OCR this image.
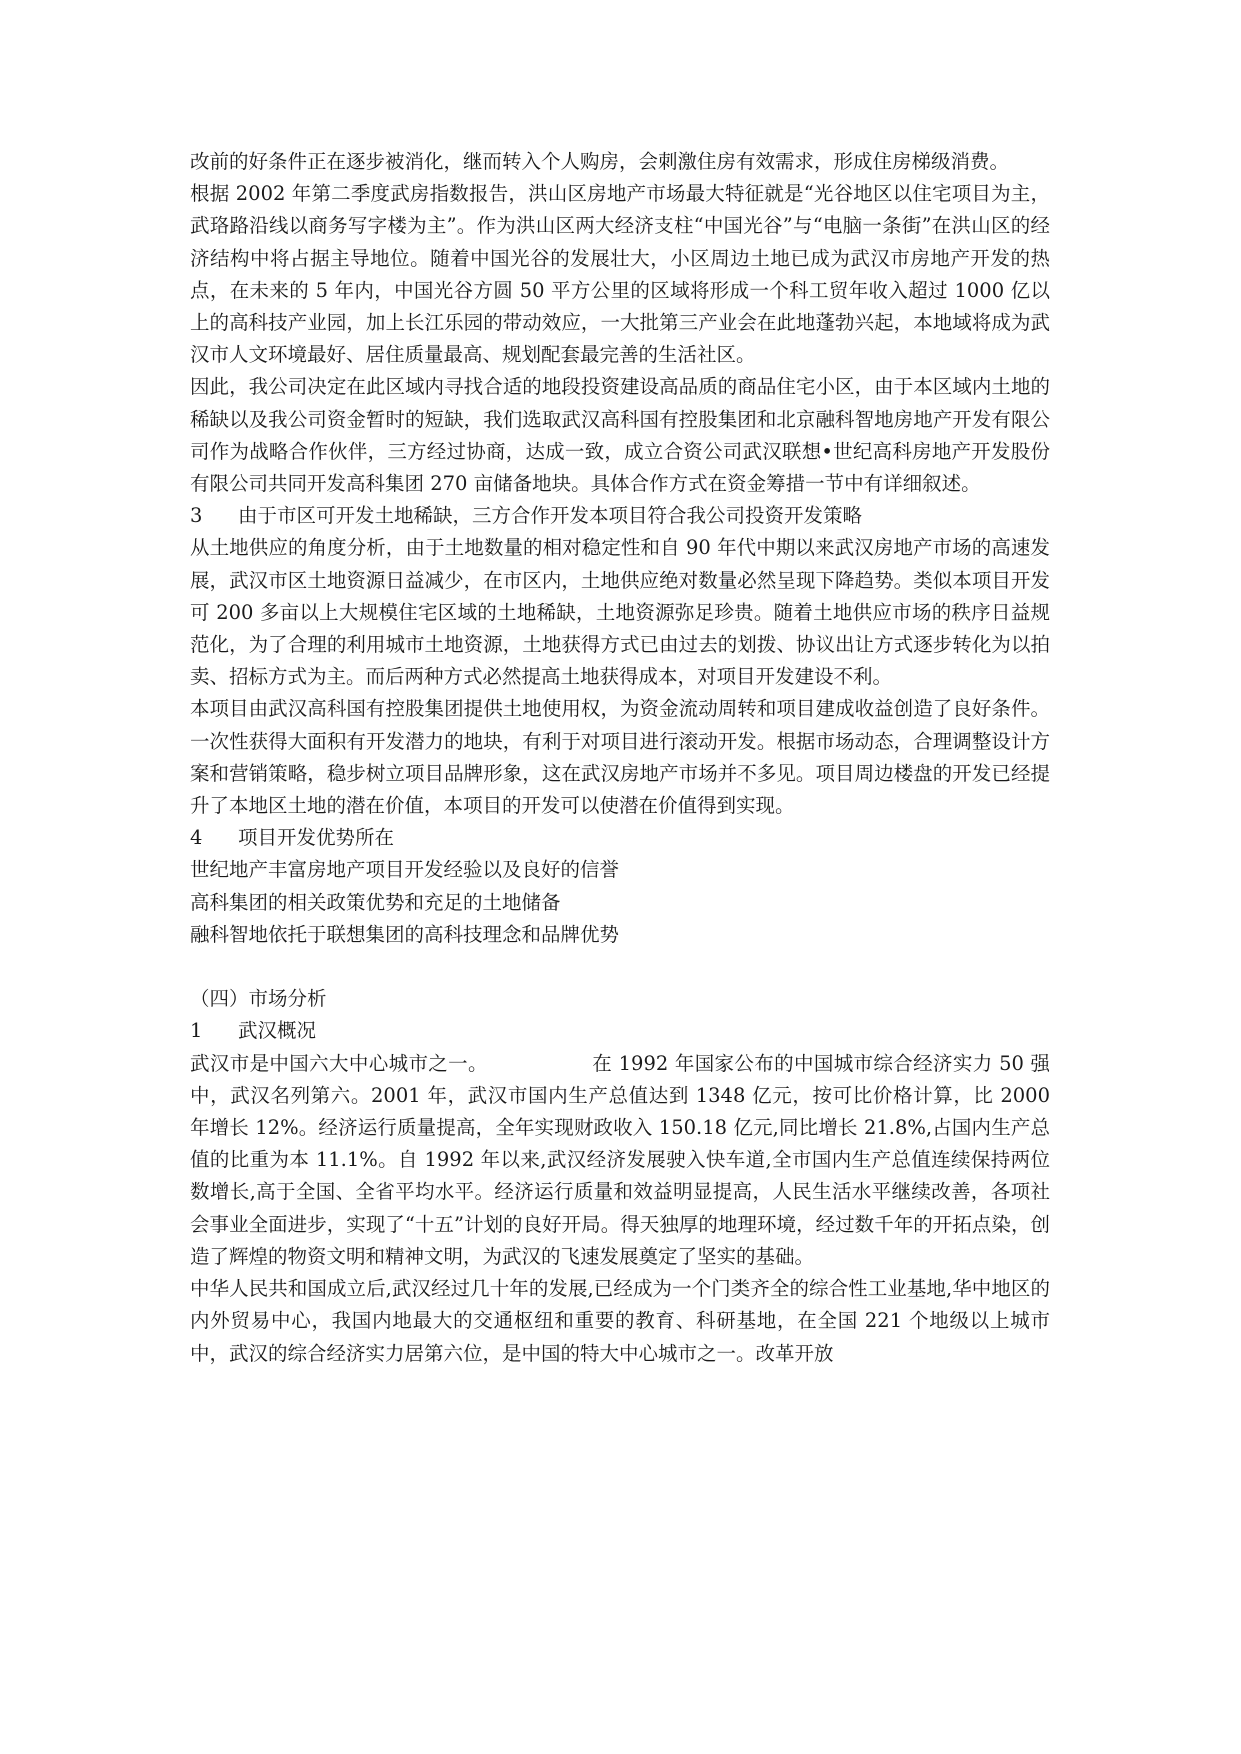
改前的好条件正在逐步被消化，继而转入个人购房，会刺激住房有效需求，形成住房梯级消费。

根据 2002 年第二季度武房指数报告，洪山区房地产市场最大特征就是“光谷地区以住宅项目为主，武珞路沿线以商务写字楼为主”。作为洪山区两大经济支柱“中国光谷”与“电脑一条街”在洪山区的经济结构中将占据主导地位。随着中国光谷的发展壮大，小区周边土地已成为武汉市房地产开发的热点，在未来的 5 年内，中国光谷方圆 50 平方公里的区域将形成一个科工贸年收入超过 1000 亿以上的高科技产业园，加上长江乐园的带动效应，一大批第三产业会在此地蓬勃兴起，本地域将成为武汉市人文环境最好、居住质量最高、规划配套最完善的生活社区。

因此，我公司决定在此区域内寻找合适的地段投资建设高品质的商品住宅小区，由于本区域内土地的稀缺以及我公司资金暂时的短缺，我们选取武汉高科国有控股集团和北京融科智地房地产开发有限公司作为战略合作伙伴，三方经过协商，达成一致，成立合资公司武汉联想•世纪高科房地产开发股份有限公司共同开发高科集团 270 亩储备地块。具体合作方式在资金筹措一节中有详细叙述。

3 由于市区可开发土地稀缺，三方合作开发本项目符合我公司投资开发策略

从土地供应的角度分析，由于土地数量的相对稳定性和自 90 年代中期以来武汉房地产市场的高速发展，武汉市区土地资源日益减少，在市区内，土地供应绝对数量必然呈现下降趋势。类似本项目开发可 200 多亩以上大规模住宅区域的土地稀缺，土地资源弥足珍贵。随着土地供应市场的秩序日益规范化，为了合理的利用城市土地资源，土地获得方式已由过去的划拨、协议出让方式逐步转化为以拍卖、招标方式为主。而后两种方式必然提高土地获得成本，对项目开发建设不利。

本项目由武汉高科国有控股集团提供土地使用权，为资金流动周转和项目建成收益创造了良好条件。一次性获得大面积有开发潜力的地块，有利于对项目进行滚动开发。根据市场动态，合理调整设计方案和营销策略，稳步树立项目品牌形象，这在武汉房地产市场并不多见。项目周边楼盘的开发已经提升了本地区土地的潜在价值，本项目的开发可以使潜在价值得到实现。

4 项目开发优势所在

世纪地产丰富房地产项目开发经验以及良好的信誉

高科集团的相关政策优势和充足的土地储备

融科智地依托于联想集团的高科技理念和品牌优势

（四）市场分析

1 武汉概况

武汉市是中国六大中心城市之一。	在 1992 年国家公布的中国城市综合经济实力 50 强中，武汉名列第六。2001 年，武汉市国内生产总值达到 1348 亿元，按可比价格计算，比 2000 年增长 12%。经济运行质量提高，全年实现财政收入 150.18 亿元,同比增长 21.8%,占国内生产总值的比重为本 11.1%。自 1992 年以来,武汉经济发展驶入快车道,全市国内生产总值连续保持两位数增长,高于全国、全省平均水平。经济运行质量和效益明显提高，人民生活水平继续改善，各项社会事业全面进步，实现了“十五”计划的良好开局。得天独厚的地理环境，经过数千年的开拓点染，创造了辉煌的物资文明和精神文明，为武汉的飞速发展奠定了坚实的基础。

中华人民共和国成立后,武汉经过几十年的发展,已经成为一个门类齐全的综合性工业基地,华中地区的内外贸易中心，我国内地最大的交通枢纽和重要的教育、科研基地，在全国 221 个地级以上城市中，武汉的综合经济实力居第六位，是中国的特大中心城市之一。改革开放
